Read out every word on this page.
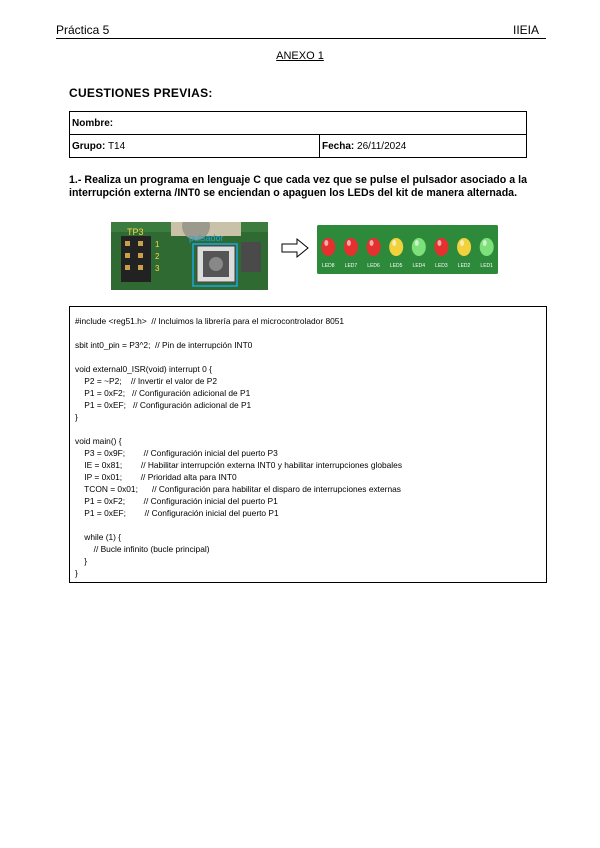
Práctica 5	IIEIA
ANEXO 1
CUESTIONES PREVIAS:
Nombre:
Grupo: T14	Fecha: 26/11/2024
1.- Realiza un programa en lenguaje C que cada vez que se pulse el pulsador asociado a la interrupción externa /INT0 se enciendan o apaguen los LEDs del kit de manera alternada.
TP3
pulsador
1
2
3	LED8 LED7 LED6 LED5 LED4 LED3 LED2 LED1
#include <reg51.h>  // Incluimos la librería para el microcontrolador 8051
sbit int0_pin = P3^2;  // Pin de interrupción INT0
void external0_ISR(void) interrupt 0 {
P2 = ~P2;    // Invertir el valor de P2
P1 = 0xF2;   // Configuración adicional de P1
P1 = 0xEF;   // Configuración adicional de P1
}
void main() {
P3 = 0x9F;        // Configuración inicial del puerto P3
IE = 0x81;        // Habilitar interrupción externa INT0 y habilitar interrupciones globales
IP = 0x01;        // Prioridad alta para INT0
TCON = 0x01;      // Configuración para habilitar el disparo de interrupciones externas
P1 = 0xF2;        // Configuración inicial del puerto P1
P1 = 0xEF;        // Configuración inicial del puerto P1
while (1) {
// Bucle infinito (bucle principal)
}
}
